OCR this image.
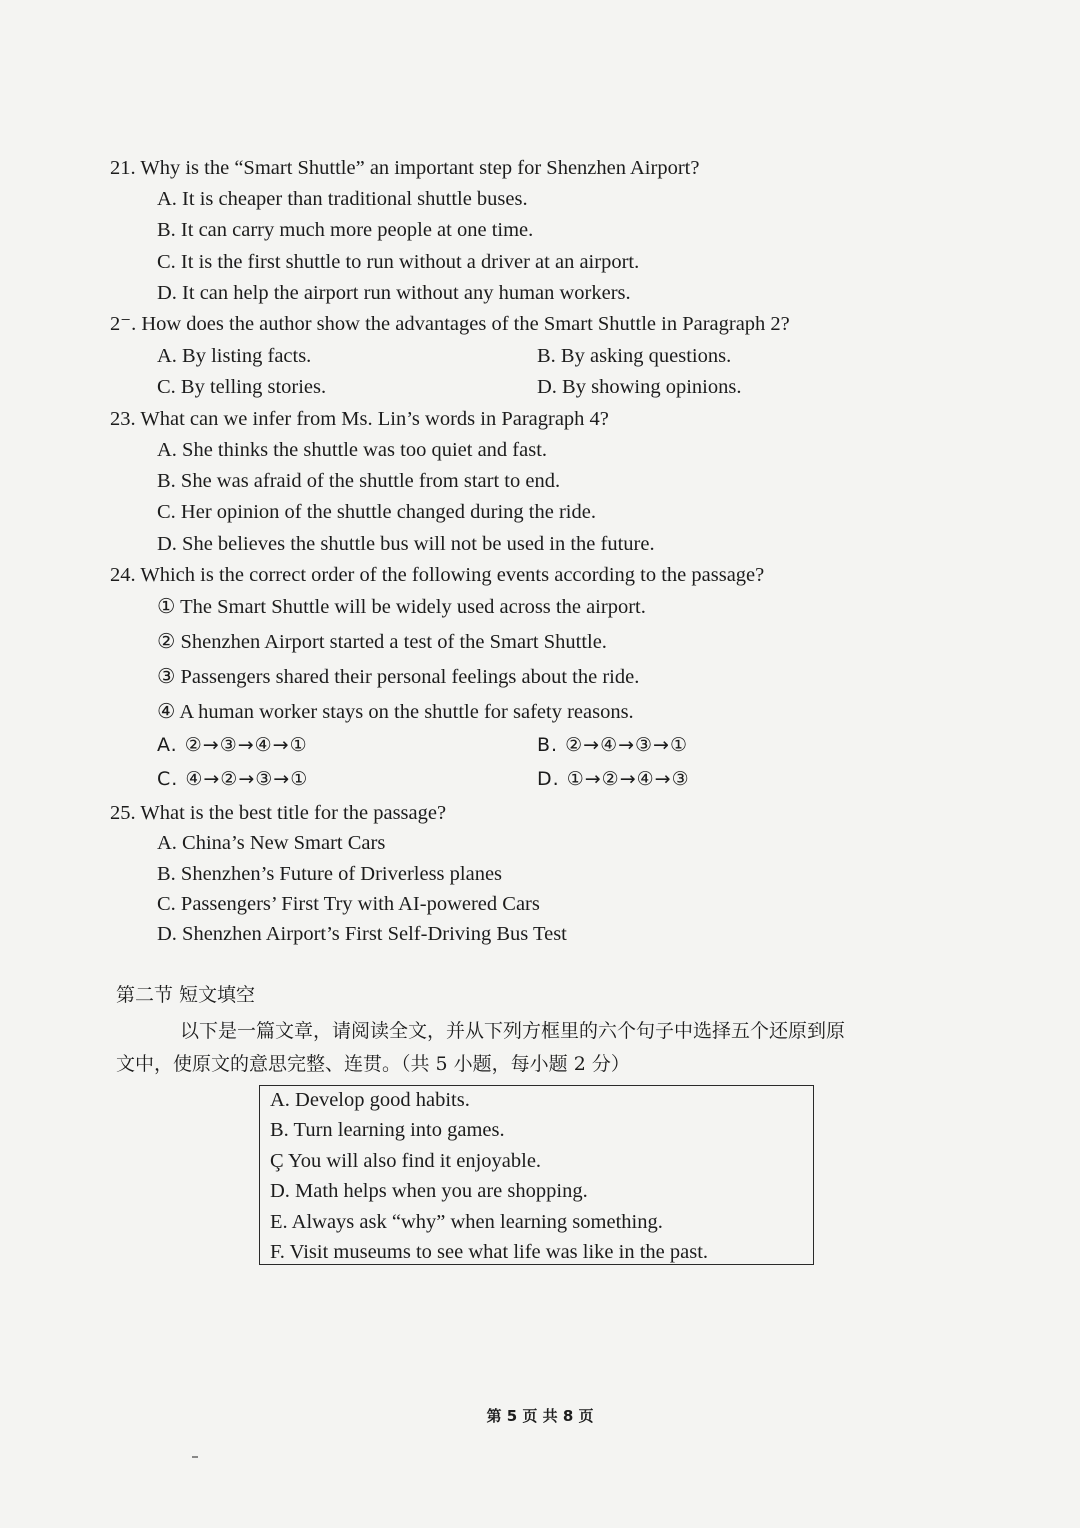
21. Why is the “Smart Shuttle” an important step for Shenzhen Airport?
A. It is cheaper than traditional shuttle buses.
B. It can carry much more people at one time.
C. It is the first shuttle to run without a driver at an airport.
D. It can help the airport run without any human workers.
2⁻. How does the author show the advantages of the Smart Shuttle in Paragraph 2?
A. By listing facts.	B. By asking questions.
C. By telling stories.	D. By showing opinions.
23. What can we infer from Ms. Lin’s words in Paragraph 4?
A. She thinks the shuttle was too quiet and fast.
B. She was afraid of the shuttle from start to end.
C. Her opinion of the shuttle changed during the ride.
D. She believes the shuttle bus will not be used in the future.
24. Which is the correct order of the following events according to the passage?
① The Smart Shuttle will be widely used across the airport.
② Shenzhen Airport started a test of the Smart Shuttle.
③ Passengers shared their personal feelings about the ride.
④ A human worker stays on the shuttle for safety reasons.
A. ②→③→④→①	B. ②→④→③→①
C. ④→②→③→①	D. ①→②→④→③
25. What is the best title for the passage?
A. China’s New Smart Cars
B. Shenzhen’s Future of Driverless planes
C. Passengers’ First Try with AI-powered Cars
D. Shenzhen Airport’s First Self-Driving Bus Test
第二节 短文填空
以下是一篇文章，请阅读全文，并从下列方框里的六个句子中选择五个还原到原
文中，使原文的意思完整、连贯。（共 5 小题，每小题 2 分）
A. Develop good habits.
B. Turn learning into games.
Ç You will also find it enjoyable.
D. Math helps when you are shopping.
E. Always ask “why” when learning something.
F. Visit museums to see what life was like in the past.
第 5 页 共 8 页
